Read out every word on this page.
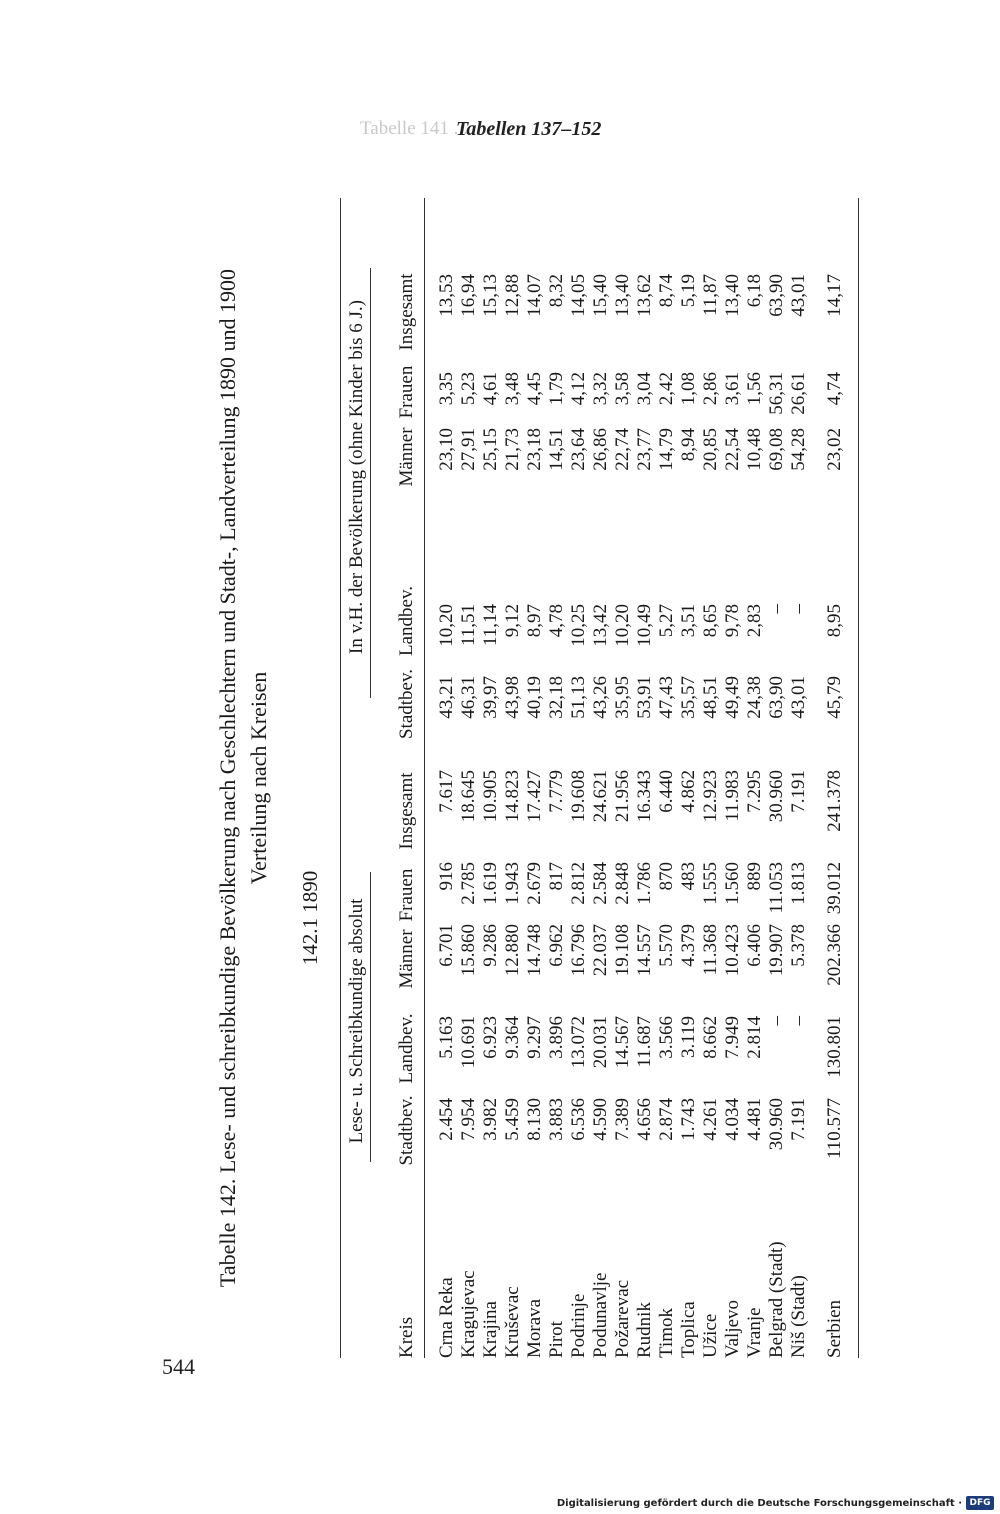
Tabelle 141 ...
Tabellen 137–152
544
Tabelle 142. Lese- und schreibkundige Bevölkerung nach Geschlechtern und Stadt-, Landverteilung 1890 und 1900 Verteilung nach Kreisen
142.1 1890
Kreis
Lese- u. Schreibkundige absolut Stadtbev.
Landbev.
Männer
Frauen
Insgesamt
In v.H. der Bevölkerung (ohne Kinder bis 6 J.)
Stadtbev.
Landbev.
Männer
Frauen
Insgesamt
Crna Reka
2.454
5.163
6.701
916
7.617
43,21
10,20
23,10
3,35
13,53
Kragujevac
7.954
10.691
15.860
2.785
18.645
46,31
11,51
27,91
5,23
16,94
Krajina
3.982
6.923
9.286
1.619
10.905
39,97
11,14
25,15
4,61
15,13
Kruševac
5.459
9.364
12.880
1.943
14.823
43,98
9,12
21,73
3,48
12,88
Morava
8.130
9.297
14.748
2.679
17.427
40,19
8,97
23,18
4,45
14,07
Pirot
3.883
3.896
6.962
817
7.779
32,18
4,78
14,51
1,79
8,32
Podrinje
6.536
13.072
16.796
2.812
19.608
51,13
10,25
23,64
4,12
14,05
Podunavlje
4.590
20.031
22.037
2.584
24.621
43,26
13,42
26,86
3,32
15,40
Požarevac
7.389
14.567
19.108
2.848
21.956
35,95
10,20
22,74
3,58
13,40
Rudnik
4.656
11.687
14.557
1.786
16.343
53,91
10,49
23,77
3,04
13,62
Timok
2.874
3.566
5.570
870
6.440
47,43
5,27
14,79
2,42
8,74
Toplica
1.743
3.119
4.379
483
4.862
35,57
3,51
8,94
1,08
5,19
Užice
4.261
8.662
11.368
1.555
12.923
48,51
8,65
20,85
2,86
11,87
Valjevo
4.034
7.949
10.423
1.560
11.983
49,49
9,78
22,54
3,61
13,40
Vranje
4.481
2.814
6.406
889
7.295
24,38
2,83
10,48
1,56
6,18
Belgrad (Stadt)
30.960
–
19.907
11.053
30.960
63,90
–
69,08
56,31
63,90
Niš (Stadt)
7.191
–
5.378
1.813
7.191
43,01
–
54,28
26,61
43,01
Serbien
110.577
130.801
202.366
39.012
241.378
45,79
8,95
23,02
4,74
14,17
Digitalisierung gefördert durch die Deutsche Forschungsgemeinschaft · DFG
